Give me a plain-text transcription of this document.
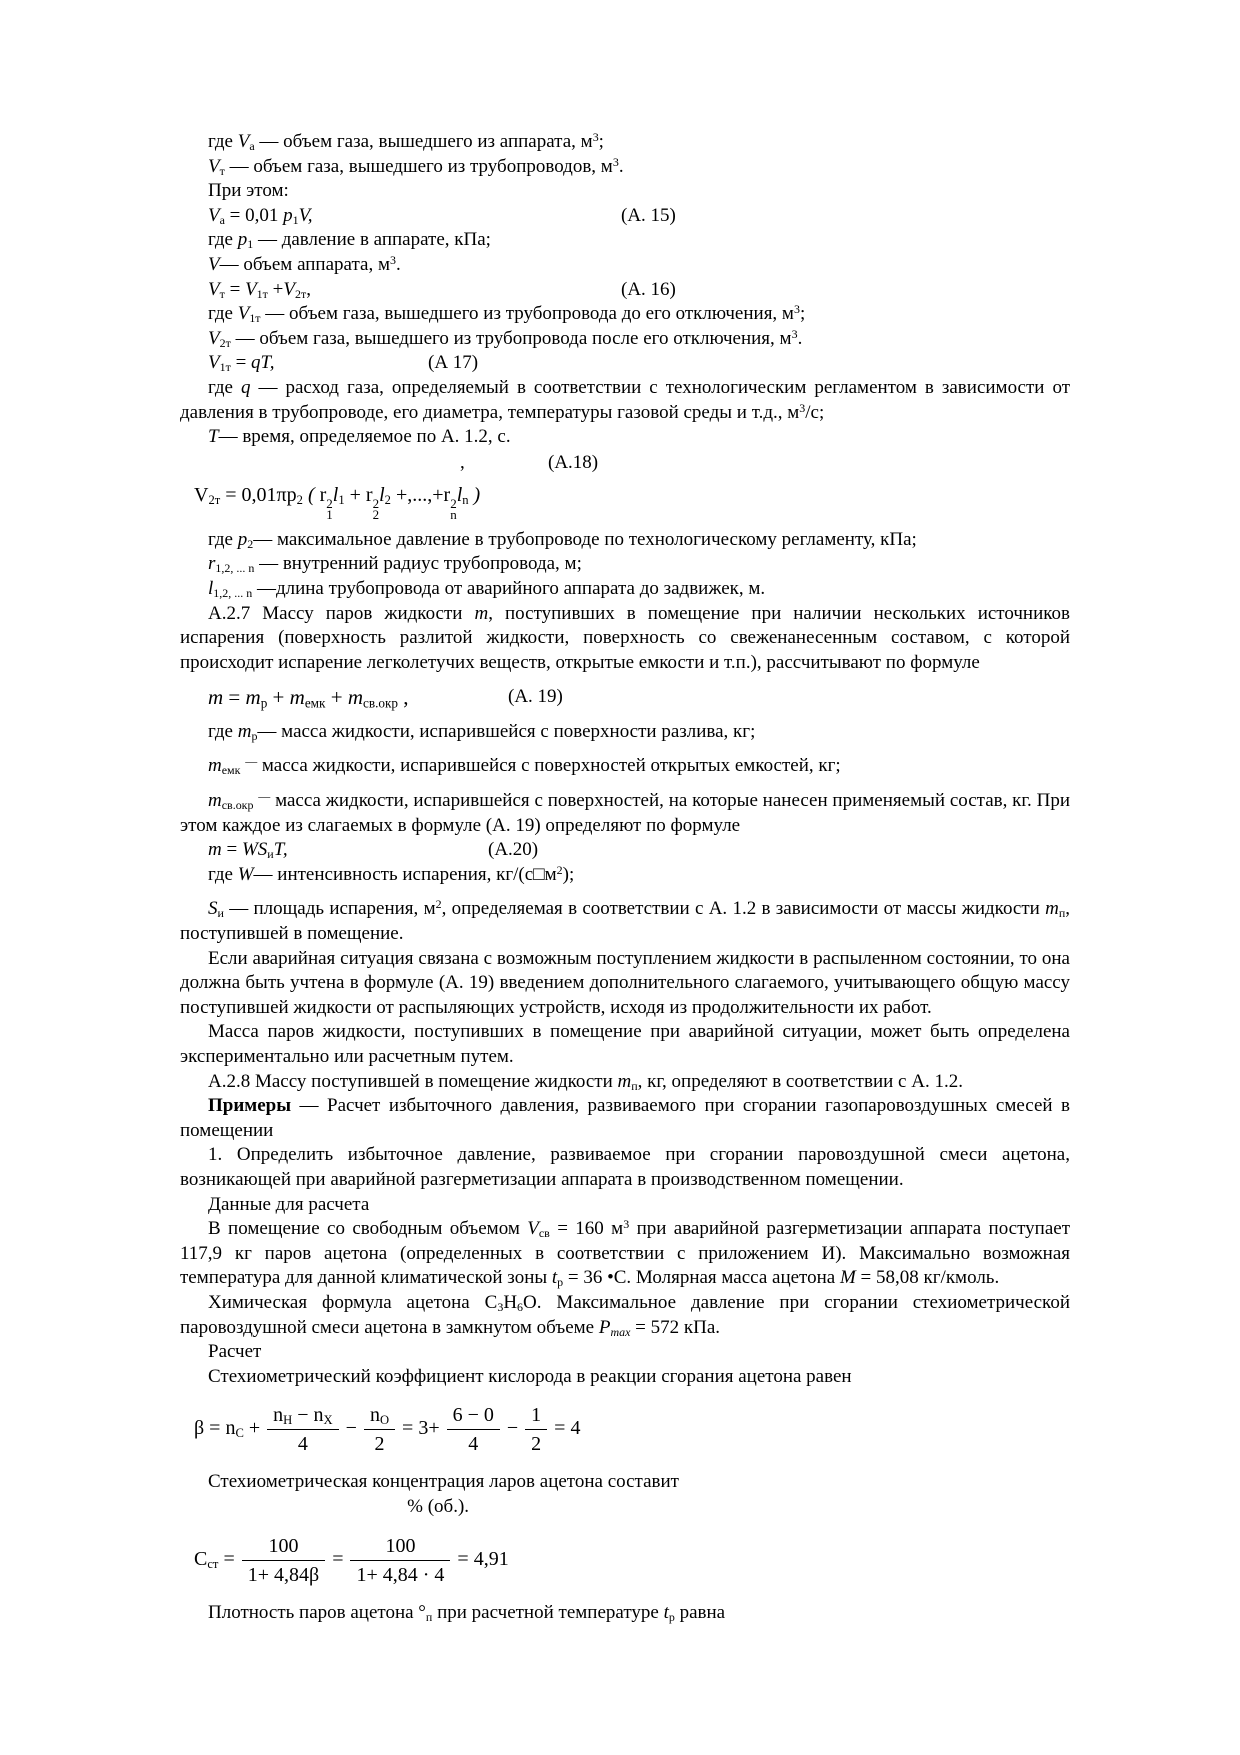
где $V_а$ — объем газа, вышедшего из аппарата, $м^3$;

$V_т$ — объем газа, вышедшего из трубопроводов, $м^3$.

При этом:

$V_а = 0,01$ $p_1V$,	(А. 15)

где $p_1$ — давление в аппарате, кПа;

V— объем аппарата, $м^3$.

$V_т = V_{1т} +V_{2т}$,	(А. 16)

где $V_{1т}$ — объем газа, вышедшего из трубопровода до его отключения, $м^3$;

$V_{2т}$ — объем газа, вышедшего из трубопровода после его отключения, $м^3$.

$V_{1т}$ = qT,	(А 17)

где q — расход газа, определяемый в соответствии с технологическим регламентом в зависимости от давления в трубопроводе, его диаметра, температуры газовой среды и т.д., $м^3/с$;

Т— время, определяемое по А. 1.2, с.

,	(А.18)
$V_{2т} = 0,01\pi p_2$ ( r 2
1
$l_1 + r$ 2
2
$l_2 +,...,+r$ 2
n
$l_n$ )

где $p_2—$ максимальное давление в трубопроводе по технологическому регламенту, кПа;

$r_{1,2, ... n}$ — внутренний радиус трубопровода, м;

$l_{1,2, ... n}$ —длина трубопровода от аварийного аппарата до задвижек, м.

А.2.7 Массу паров жидкости m, поступивших в помещение при наличии нескольких источников испарения (поверхность разлитой жидкости, поверхность со свеженанесенным составом, с которой происходит испарение легколетучих веществ, открытые емкости и т.п.), рассчитывают по формуле

$m = m_р + m_{емк} + m_{св.окр}$ ,	(А. 19)

где $m_р—$ масса жидкости, испарившейся с поверхности разлива, кг;

$m_{емк}$ — масса жидкости, испарившейся с поверхностей открытых емкостей, кг;

$m_{св.окр}$ — масса жидкости, испарившейся с поверхностей, на которые нанесен применяемый состав, кг. При этом каждое из слагаемых в формуле (А. 19) определяют по формуле

$m = WS_иT$,	(А.20)

где W— интенсивность испарения, $кг/(с□м^2)$;

$S_и$ — площадь испарения, $м^2$, определяемая в соответствии с А. 1.2 в зависимости от массы жидкости $m_п$, поступившей в помещение.

Если аварийная ситуация связана с возможным поступлением жидкости в распыленном состоянии, то она должна быть учтена в формуле (А. 19) введением дополнительного слагаемого, учитывающего общую массу поступившей жидкости от распыляющих устройств, исходя из продолжительности их работ.

Масса паров жидкости, поступивших в помещение при аварийной ситуации, может быть определена экспериментально или расчетным путем.

А.2.8 Массу поступившей в помещение жидкости $m_п$, кг, определяют в соответствии с А. 1.2.

Примеры — Расчет избыточного давления, развиваемого при сгорании газопаровоздушных смесей в помещении

1. Определить избыточное давление, развиваемое при сгорании паровоздушной смеси ацетона, возникающей при аварийной разгерметизации аппарата в производственном помещении.

Данные для расчета

В помещение со свободным объемом $V_{св} = 160$ $м^3$ при аварийной разгерметизации аппарата поступает 117,9 кг паров ацетона (определенных в соответствии с приложением И). Максимально возможная температура для данной климатической зоны $t_р = 36$ •С. Молярная масса ацетона M = 58,08 кг/кмоль.

Химическая формула ацетона $C_3H_6O$. Максимальное давление при сгорании стехиометрической паровоздушной смеси ацетона в замкнутом объеме $Р_{max} = 572$ кПа.

Расчет

Стехиометрический коэффициент кислорода в реакции сгорания ацетона равен

$\beta = n_C + \frac{n_H - n_X}{4} - \frac{n_O}{2} = 3+ \frac{6 - 0}{4} - \frac{1}{2} = 4$

Стехиометрическая концентрация ларов ацетона составит

% (об.).

$C_{ст} = \frac{100}{1+ 4,84\beta} = \frac{100}{1+ 4,84 \cdot 4} = 4,91$

Плотность паров ацетона $^\circ_п$ при расчетной температуре $t_р$ равна
